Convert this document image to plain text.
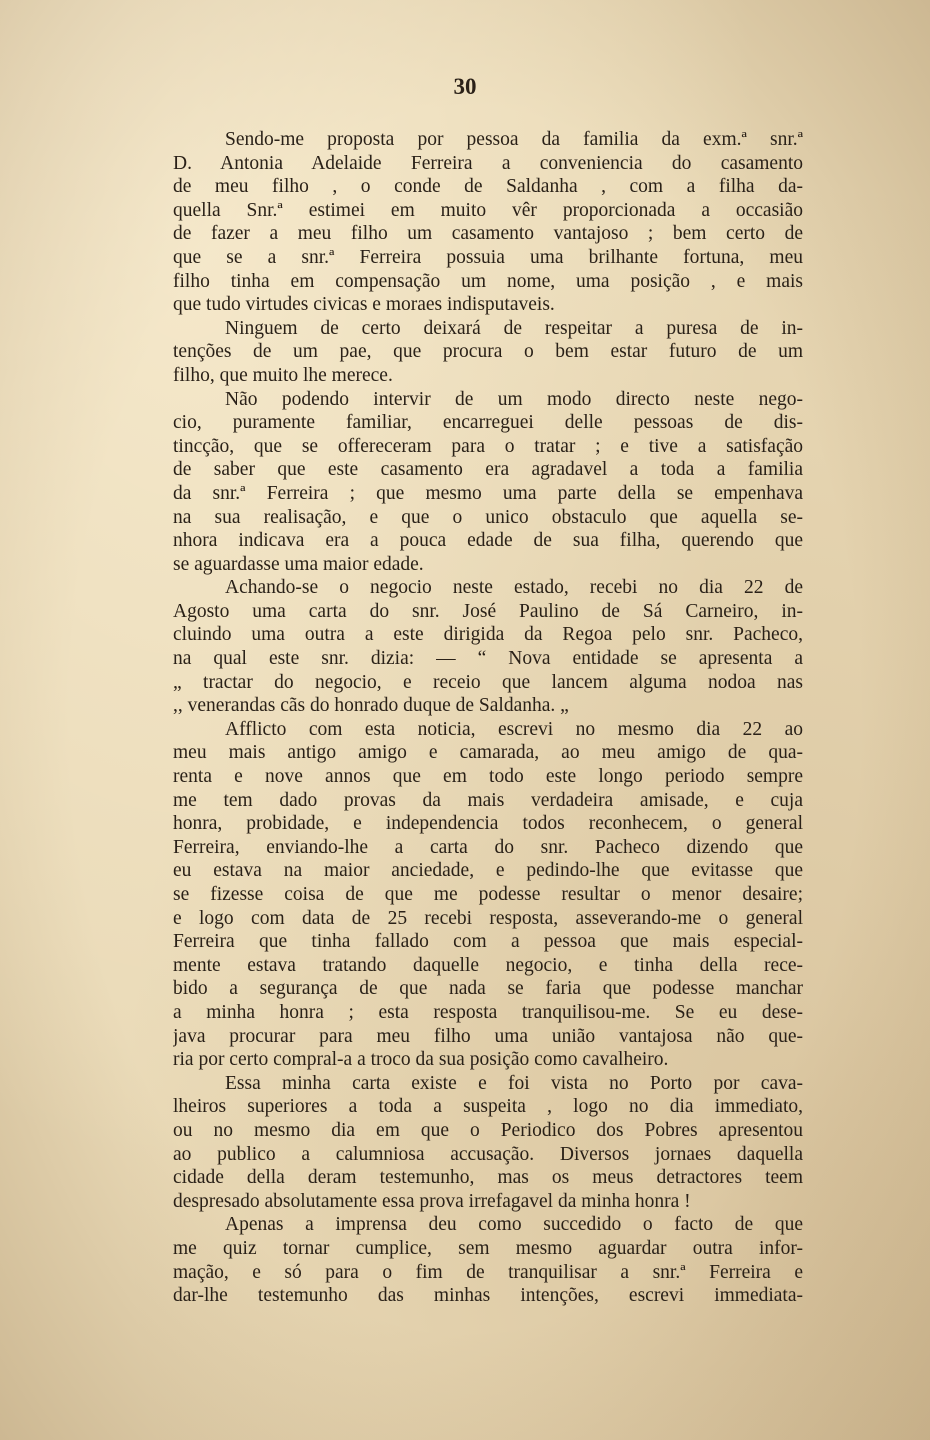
30
Sendo-me proposta por pessoa da familia da exm.ª snr.ª
D. Antonia Adelaide Ferreira a conveniencia do casamento
de meu filho , o conde de Saldanha , com a filha da-
quella Snr.ª estimei em muito vêr proporcionada a occasião
de fazer a meu filho um casamento vantajoso ; bem certo de
que se a snr.ª Ferreira possuia uma brilhante fortuna, meu
filho tinha em compensação um nome, uma posição , e mais
que tudo virtudes civicas e moraes indisputaveis.
Ninguem de certo deixará de respeitar a puresa de in-
tenções de um pae, que procura o bem estar futuro de um
filho, que muito lhe merece.
Não podendo intervir de um modo directo neste nego-
cio, puramente familiar, encarreguei delle pessoas de dis-
tincção, que se offereceram para o tratar ; e tive a satisfação
de saber que este casamento era agradavel a toda a familia
da snr.ª Ferreira ; que mesmo uma parte della se empenhava
na sua realisação, e que o unico obstaculo que aquella se-
nhora indicava era a pouca edade de sua filha, querendo que
se aguardasse uma maior edade.
Achando-se o negocio neste estado, recebi no dia 22 de
Agosto uma carta do snr. José Paulino de Sá Carneiro, in-
cluindo uma outra a este dirigida da Regoa pelo snr. Pacheco,
na qual este snr. dizia: — “ Nova entidade se apresenta a
„ tractar do negocio, e receio que lancem alguma nodoa nas
,, venerandas cãs do honrado duque de Saldanha. „
Afflicto com esta noticia, escrevi no mesmo dia 22 ao
meu mais antigo amigo e camarada, ao meu amigo de qua-
renta e nove annos que em todo este longo periodo sempre
me tem dado provas da mais verdadeira amisade, e cuja
honra, probidade, e independencia todos reconhecem, o general
Ferreira, enviando-lhe a carta do snr. Pacheco dizendo que
eu estava na maior anciedade, e pedindo-lhe que evitasse que
se fizesse coisa de que me podesse resultar o menor desaire;
e logo com data de 25 recebi resposta, asseverando-me o general
Ferreira que tinha fallado com a pessoa que mais especial-
mente estava tratando daquelle negocio, e tinha della rece-
bido a segurança de que nada se faria que podesse manchar
a minha honra ; esta resposta tranquilisou-me. Se eu dese-
java procurar para meu filho uma união vantajosa não que-
ria por certo compral-a a troco da sua posição como cavalheiro.
Essa minha carta existe e foi vista no Porto por cava-
lheiros superiores a toda a suspeita , logo no dia immediato,
ou no mesmo dia em que o Periodico dos Pobres apresentou
ao publico a calumniosa accusação. Diversos jornaes daquella
cidade della deram testemunho, mas os meus detractores teem
despresado absolutamente essa prova irrefagavel da minha honra !
Apenas a imprensa deu como succedido o facto de que
me quiz tornar cumplice, sem mesmo aguardar outra infor-
mação, e só para o fim de tranquilisar a snr.ª Ferreira e
dar-lhe testemunho das minhas intenções, escrevi immediata-
